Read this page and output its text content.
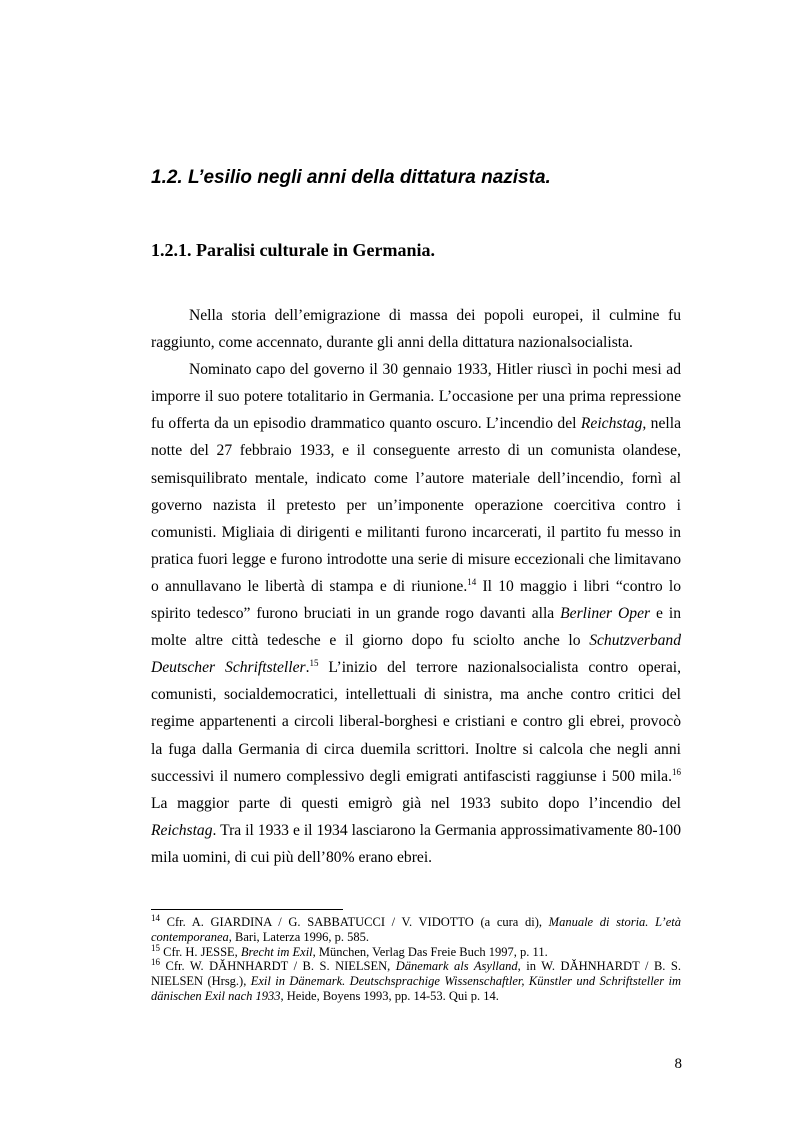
1.2. L’esilio negli anni della dittatura nazista.
1.2.1. Paralisi culturale in Germania.

Nella storia dell’emigrazione di massa dei popoli europei, il culmine fu raggiunto, come accennato, durante gli anni della dittatura nazionalsocialista.

Nominato capo del governo il 30 gennaio 1933, Hitler riuscì in pochi mesi ad imporre il suo potere totalitario in Germania. L’occasione per una prima repressione fu offerta da un episodio drammatico quanto oscuro. L’incendio del Reichstag, nella notte del 27 febbraio 1933, e il conseguente arresto di un comunista olandese, semisquilibrato mentale, indicato come l’autore materiale dell’incendio, fornì al governo nazista il pretesto per un’imponente operazione coercitiva contro i comunisti. Migliaia di dirigenti e militanti furono incarcerati, il partito fu messo in pratica fuori legge e furono introdotte una serie di misure eccezionali che limitavano o annullavano le libertà di stampa e di riunione.$^{14}$ Il 10 maggio i libri “contro lo spirito tedesco” furono bruciati in un grande rogo davanti alla Berliner Oper e in molte altre città tedesche e il giorno dopo fu sciolto anche lo Schutzverband Deutscher Schriftsteller.$^{15}$ L’inizio del terrore nazionalsocialista contro operai, comunisti, socialdemocratici, intellettuali di sinistra, ma anche contro critici del regime appartenenti a circoli liberal-borghesi e cristiani e contro gli ebrei, provocò la fuga dalla Germania di circa duemila scrittori. Inoltre si calcola che negli anni successivi il numero complessivo degli emigrati antifascisti raggiunse i 500 mila.$^{16}$ La maggior parte di questi emigrò già nel 1933 subito dopo l’incendio del Reichstag. Tra il 1933 e il 1934 lasciarono la Germania approssimativamente 80-100 mila uomini, di cui più dell’80% erano ebrei.

$^{14}$ Cfr. A. GIARDINA / G. SABBATUCCI / V. VIDOTTO (a cura di), Manuale di storia. L’età contemporanea, Bari, Laterza 1996, p. 585.

$^{15}$ Cfr. H. JESSE, Brecht im Exil, München, Verlag Das Freie Buch 1997, p. 11.

$^{16}$ Cfr. W. DǍHNHARDT / B. S. NIELSEN, Dänemark als Asylland, in W. DǍHNHARDT / B. S. NIELSEN (Hrsg.), Exil in Dänemark. Deutschsprachige Wissenschaftler, Künstler und Schriftsteller im dänischen Exil nach 1933, Heide, Boyens 1993, pp. 14-53. Qui p. 14.

8
